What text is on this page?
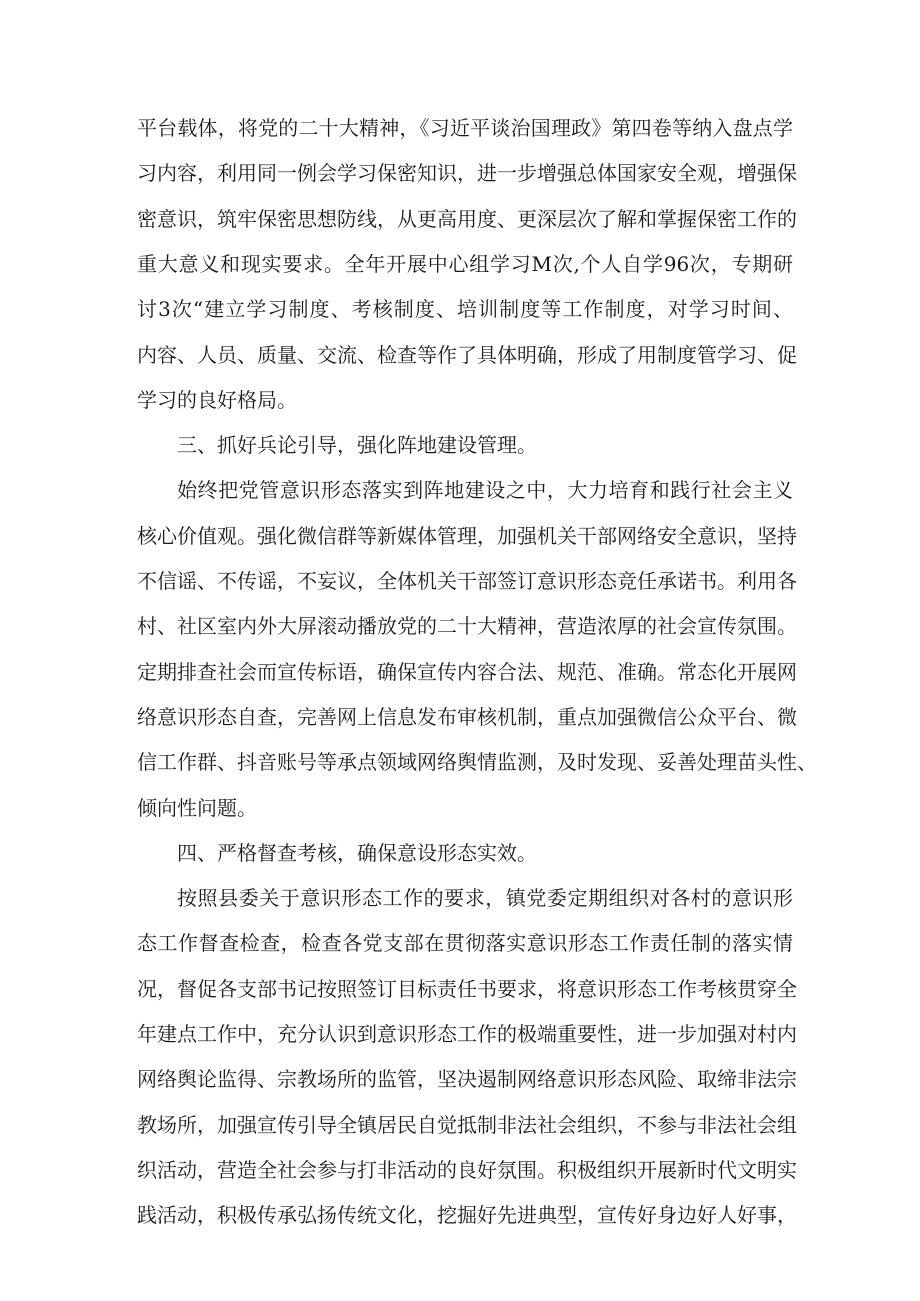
平台载体，将党的二十大精神，《习近平谈治国理政》第四卷等纳入盘点学
习内容，利用同一例会学习保密知识，进一步增强总体国家安全观，增强保
密意识，筑牢保密思想防线，从更高用度、更深层次了解和掌握保密工作的
重大意义和现实要求。全年开展中心组学习M次,个人自学96次，专期研
讨3次“建立学习制度、考核制度、培训制度等工作制度，对学习时间、
内容、人员、质量、交流、检查等作了具体明确，形成了用制度管学习、促
学习的良好格局。
三、抓好兵论引导，强化阵地建设管理。
始终把党管意识形态落实到阵地建设之中，大力培育和践行社会主义
核心价值观。强化微信群等新媒体管理，加强机关干部网络安全意识，坚持
不信谣、不传谣，不妄议，全体机关干部签订意识形态竞任承诺书。利用各
村、社区室内外大屏滚动播放党的二十大精神，营造浓厚的社会宣传氛围。
定期排查社会而宣传标语，确保宣传内容合法、规范、准确。常态化开展网
络意识形态自查，完善网上信息发布审核机制，重点加强微信公众平台、微
信工作群、抖音账号等承点领域网络舆情监测，及时发现、妥善处理苗头性、
倾向性问题。
四、严格督查考核，确保意设形态实效。
按照县委关于意识形态工作的要求，镇党委定期组织对各村的意识形
态工作督查检查，检查各党支部在贯彻落实意识形态工作责任制的落实情
况，督促各支部书记按照签订目标责任书要求，将意识形态工作考核贯穿全
年建点工作中，充分认识到意识形态工作的极端重要性，进一步加强对村内
网络舆论监得、宗教场所的监管，坚决遏制网络意识形态风险、取缔非法宗
教场所，加强宣传引导全镇居民自觉抵制非法社会组织，不参与非法社会组
织活动，营造全社会参与打非活动的良好氛围。积极组织开展新时代文明实
践活动，积极传承弘扬传统文化，挖掘好先进典型，宣传好身边好人好事，
